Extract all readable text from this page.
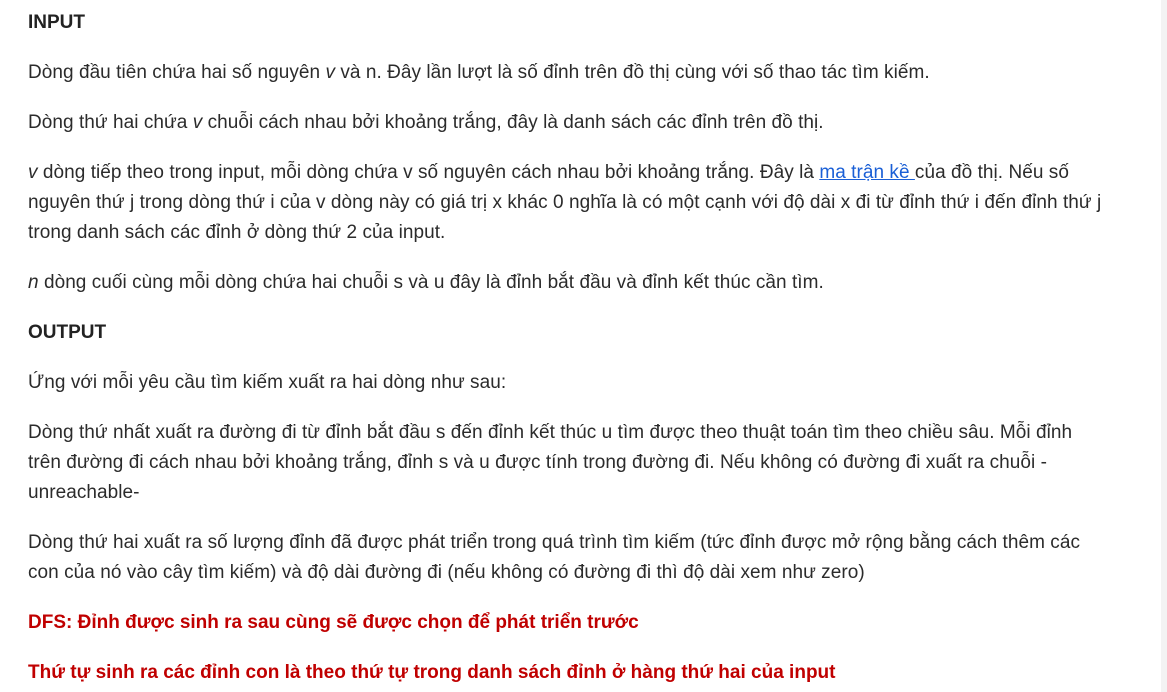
INPUT

Dòng đầu tiên chứa hai số nguyên v và n. Đây lần lượt là số đỉnh trên đồ thị cùng với số thao tác tìm kiếm.

Dòng thứ hai chứa v chuỗi cách nhau bởi khoảng trắng, đây là danh sách các đỉnh trên đồ thị.

v dòng tiếp theo trong input, mỗi dòng chứa v số nguyên cách nhau bởi khoảng trắng. Đây là ma trận kề của đồ thị. Nếu số nguyên thứ j trong dòng thứ i của v dòng này có giá trị x khác 0 nghĩa là có một cạnh với độ dài x đi từ đỉnh thứ i đến đỉnh thứ j trong danh sách các đỉnh ở dòng thứ 2 của input.

n dòng cuối cùng mỗi dòng chứa hai chuỗi s và u đây là đỉnh bắt đầu và đỉnh kết thúc cần tìm.

OUTPUT

Ứng với mỗi yêu cầu tìm kiếm xuất ra hai dòng như sau:

Dòng thứ nhất xuất ra đường đi từ đỉnh bắt đầu s đến đỉnh kết thúc u tìm được theo thuật toán tìm theo chiều sâu. Mỗi đỉnh trên đường đi cách nhau bởi khoảng trắng, đỉnh s và u được tính trong đường đi. Nếu không có đường đi xuất ra chuỗi -unreachable-

Dòng thứ hai xuất ra số lượng đỉnh đã được phát triển trong quá trình tìm kiếm (tức đỉnh được mở rộng bằng cách thêm các con của nó vào cây tìm kiếm) và độ dài đường đi (nếu không có đường đi thì độ dài xem như zero)

DFS: Đỉnh được sinh ra sau cùng sẽ được chọn để phát triển trước

Thứ tự sinh ra các đỉnh con là theo thứ tự trong danh sách đỉnh ở hàng thứ hai của input
